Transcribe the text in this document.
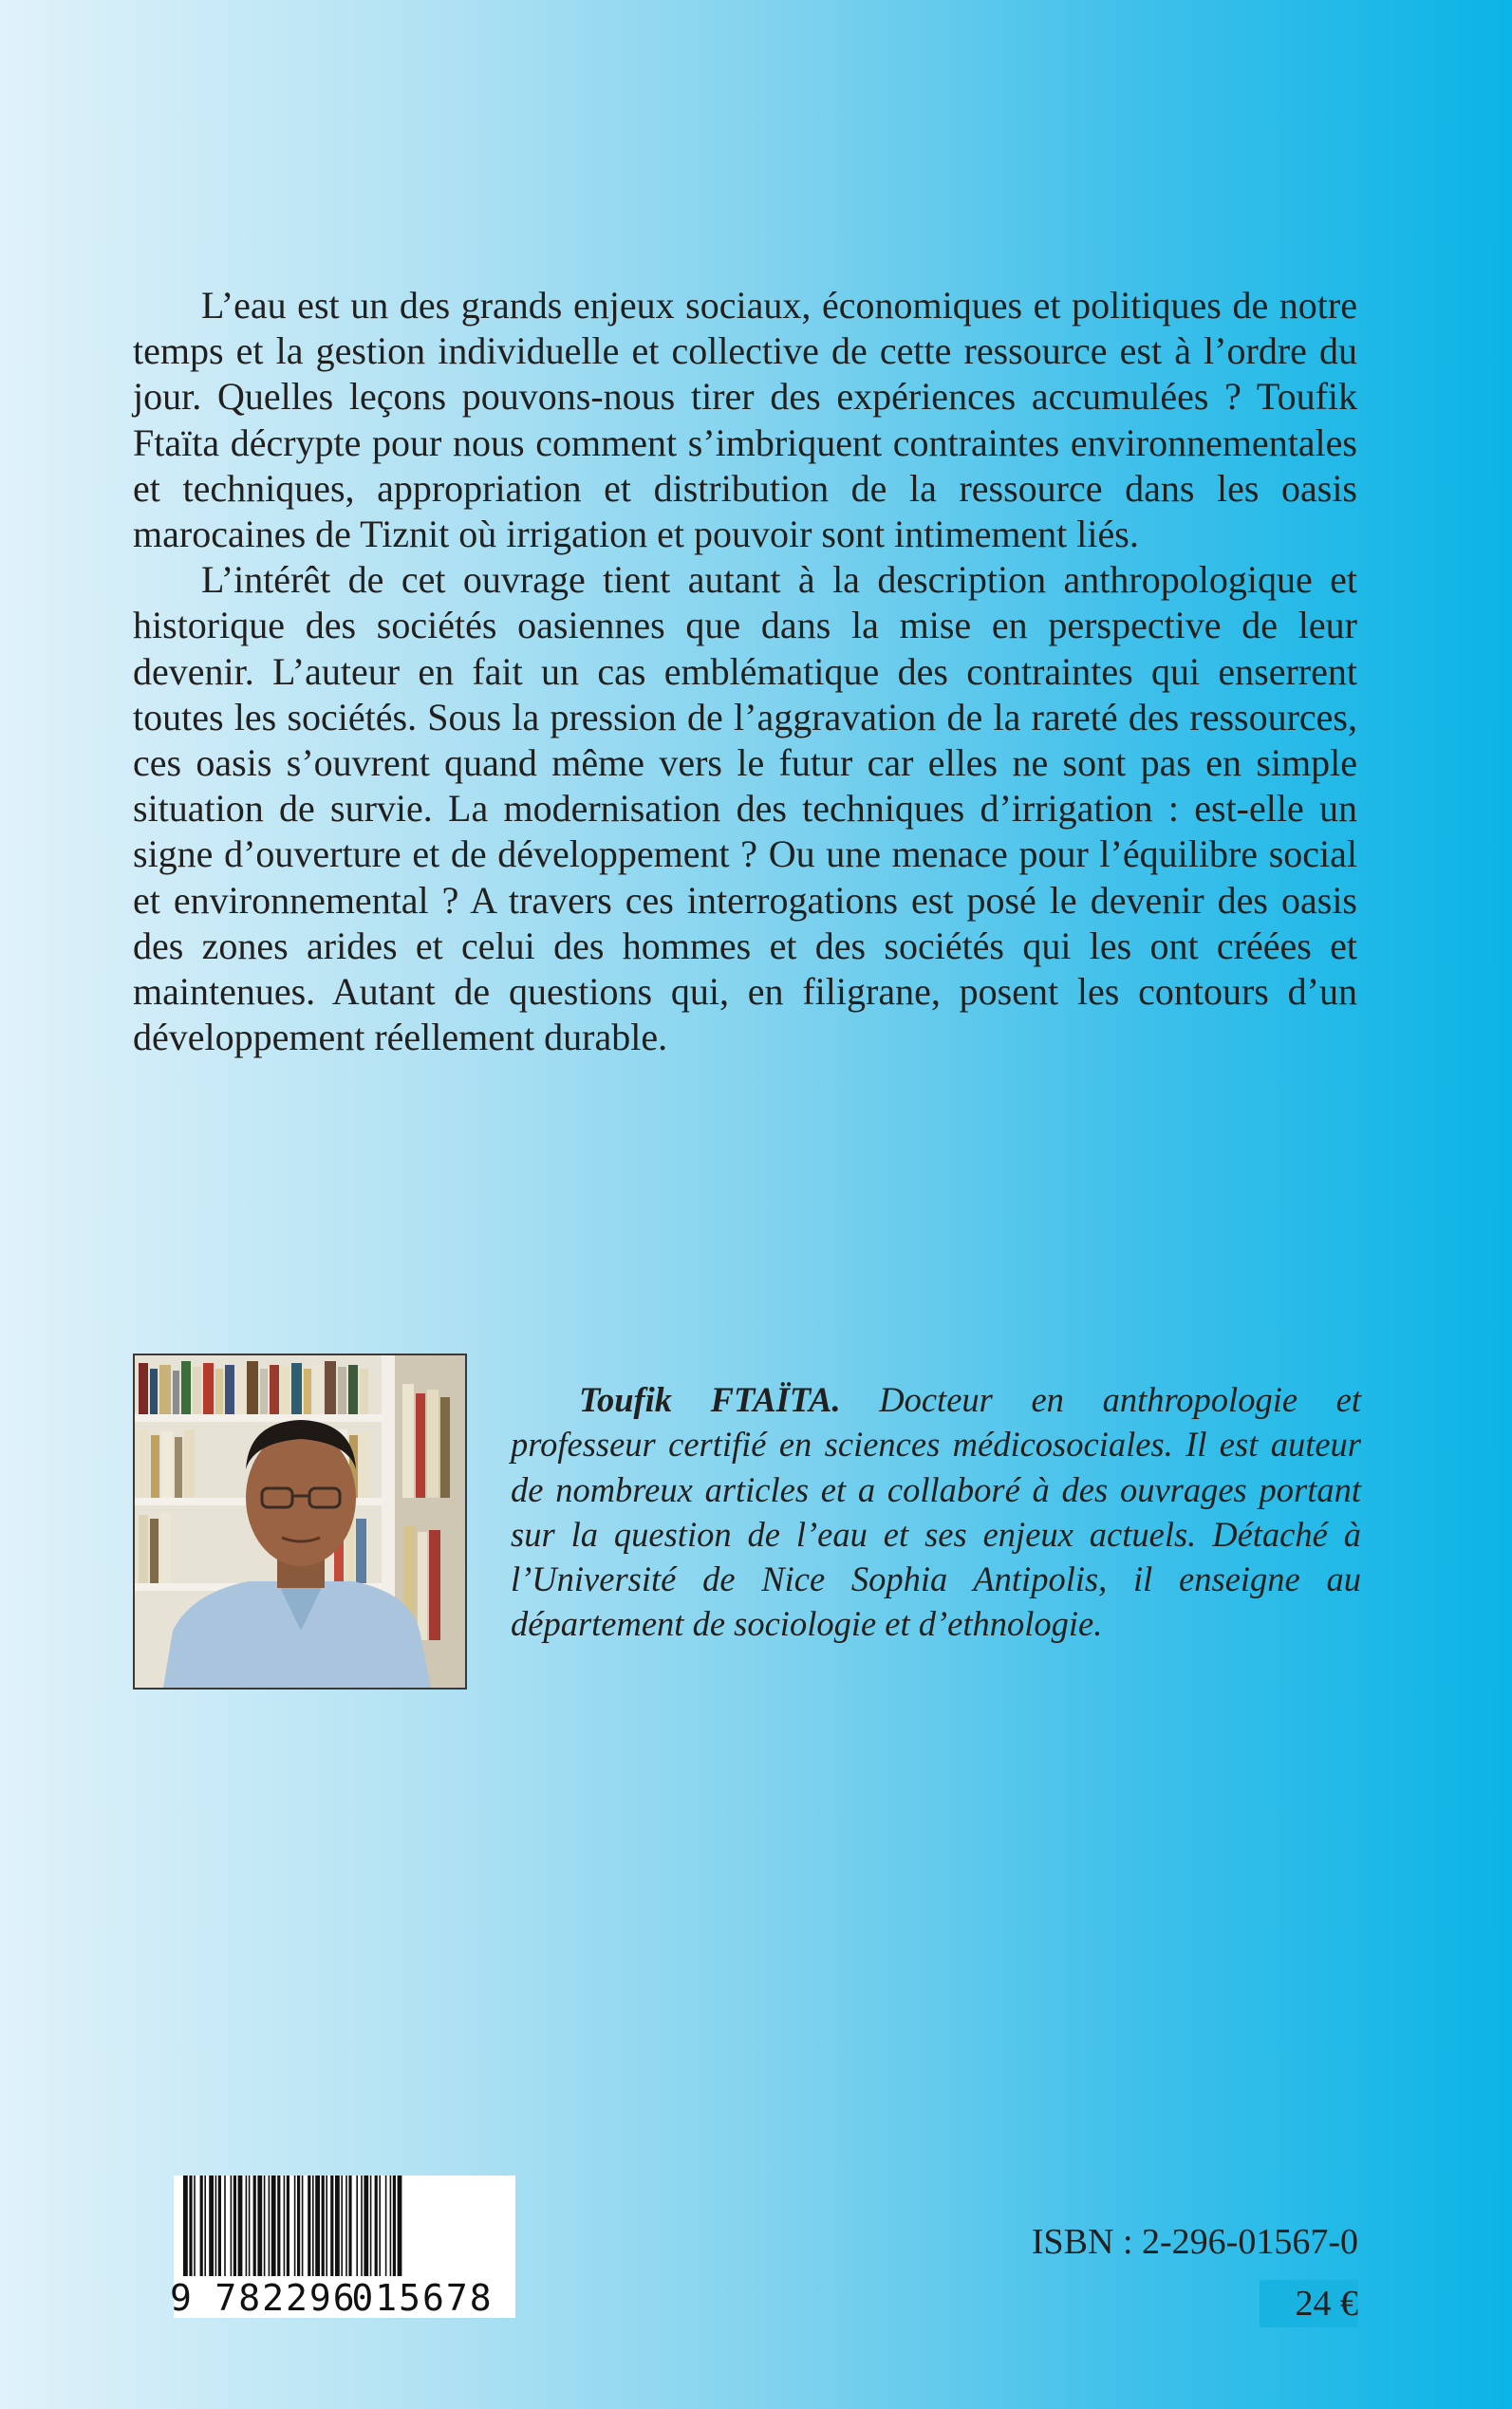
L’eau est un des grands enjeux sociaux, économiques et politiques de notre temps et la gestion individuelle et collective de cette ressource est à l’ordre du jour. Quelles leçons pouvons-nous tirer des expériences accumulées ? Toufik Ftaïta décrypte pour nous comment s’imbriquent contraintes environnementales et techniques, appropriation et distribution de la ressource dans les oasis marocaines de Tiznit où irrigation et pouvoir sont intimement liés.

L’intérêt de cet ouvrage tient autant à la description anthropologique et historique des sociétés oasiennes que dans la mise en perspective de leur devenir. L’auteur en fait un cas emblématique des contraintes qui enserrent toutes les sociétés. Sous la pression de l’aggravation de la rareté des ressources, ces oasis s’ouvrent quand même vers le futur car elles ne sont pas en simple situation de survie. La modernisation des techniques d’irrigation : est-elle un signe d’ouverture et de développement ? Ou une menace pour l’équilibre social et environnemental ? A travers ces interrogations est posé le devenir des oasis des zones arides et celui des hommes et des sociétés qui les ont créées et maintenues. Autant de questions qui, en filigrane, posent les contours d’un développement réellement durable.

Toufik FTAÏTA. Docteur en anthropologie et professeur certifié en sciences médicosociales. Il est auteur de nombreux articles et a collaboré à des ouvrages portant sur la question de l’eau et ses enjeux actuels. Détaché à l’Université de Nice Sophia Antipolis, il enseigne au département de sociologie et d’ethnologie.

9 782296
015678
ISBN : 2-296-01567-0
24 €
